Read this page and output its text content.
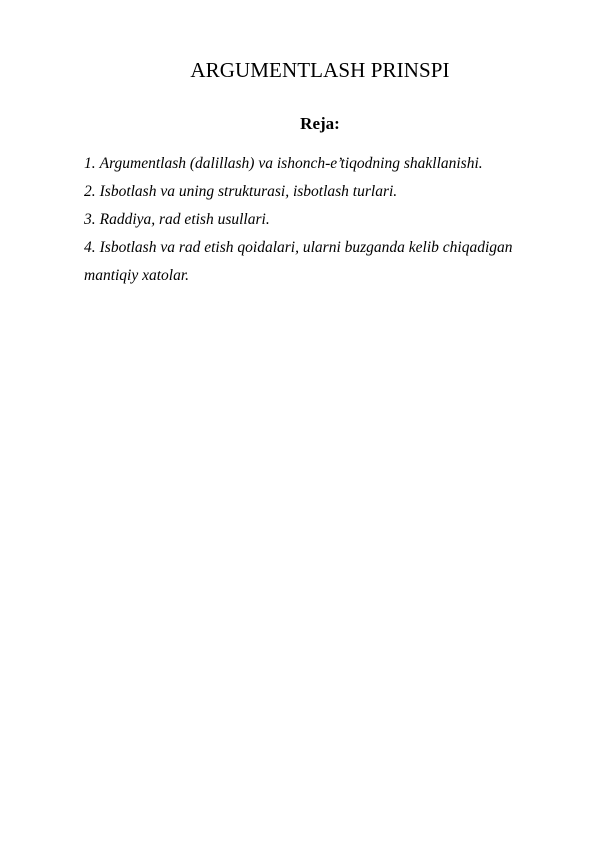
ARGUMENTLASH PRINSPI
Reja:
1. Argumentlash (dalillash) va ishonch-e’tiqodning shakllanishi.
2. Isbotlash va uning strukturasi, isbotlash turlari.
3. Raddiya, rad etish usullari.
4. Isbotlash va rad etish qoidalari, ularni buzganda kelib chiqadigan mantiqiy xatolar.
